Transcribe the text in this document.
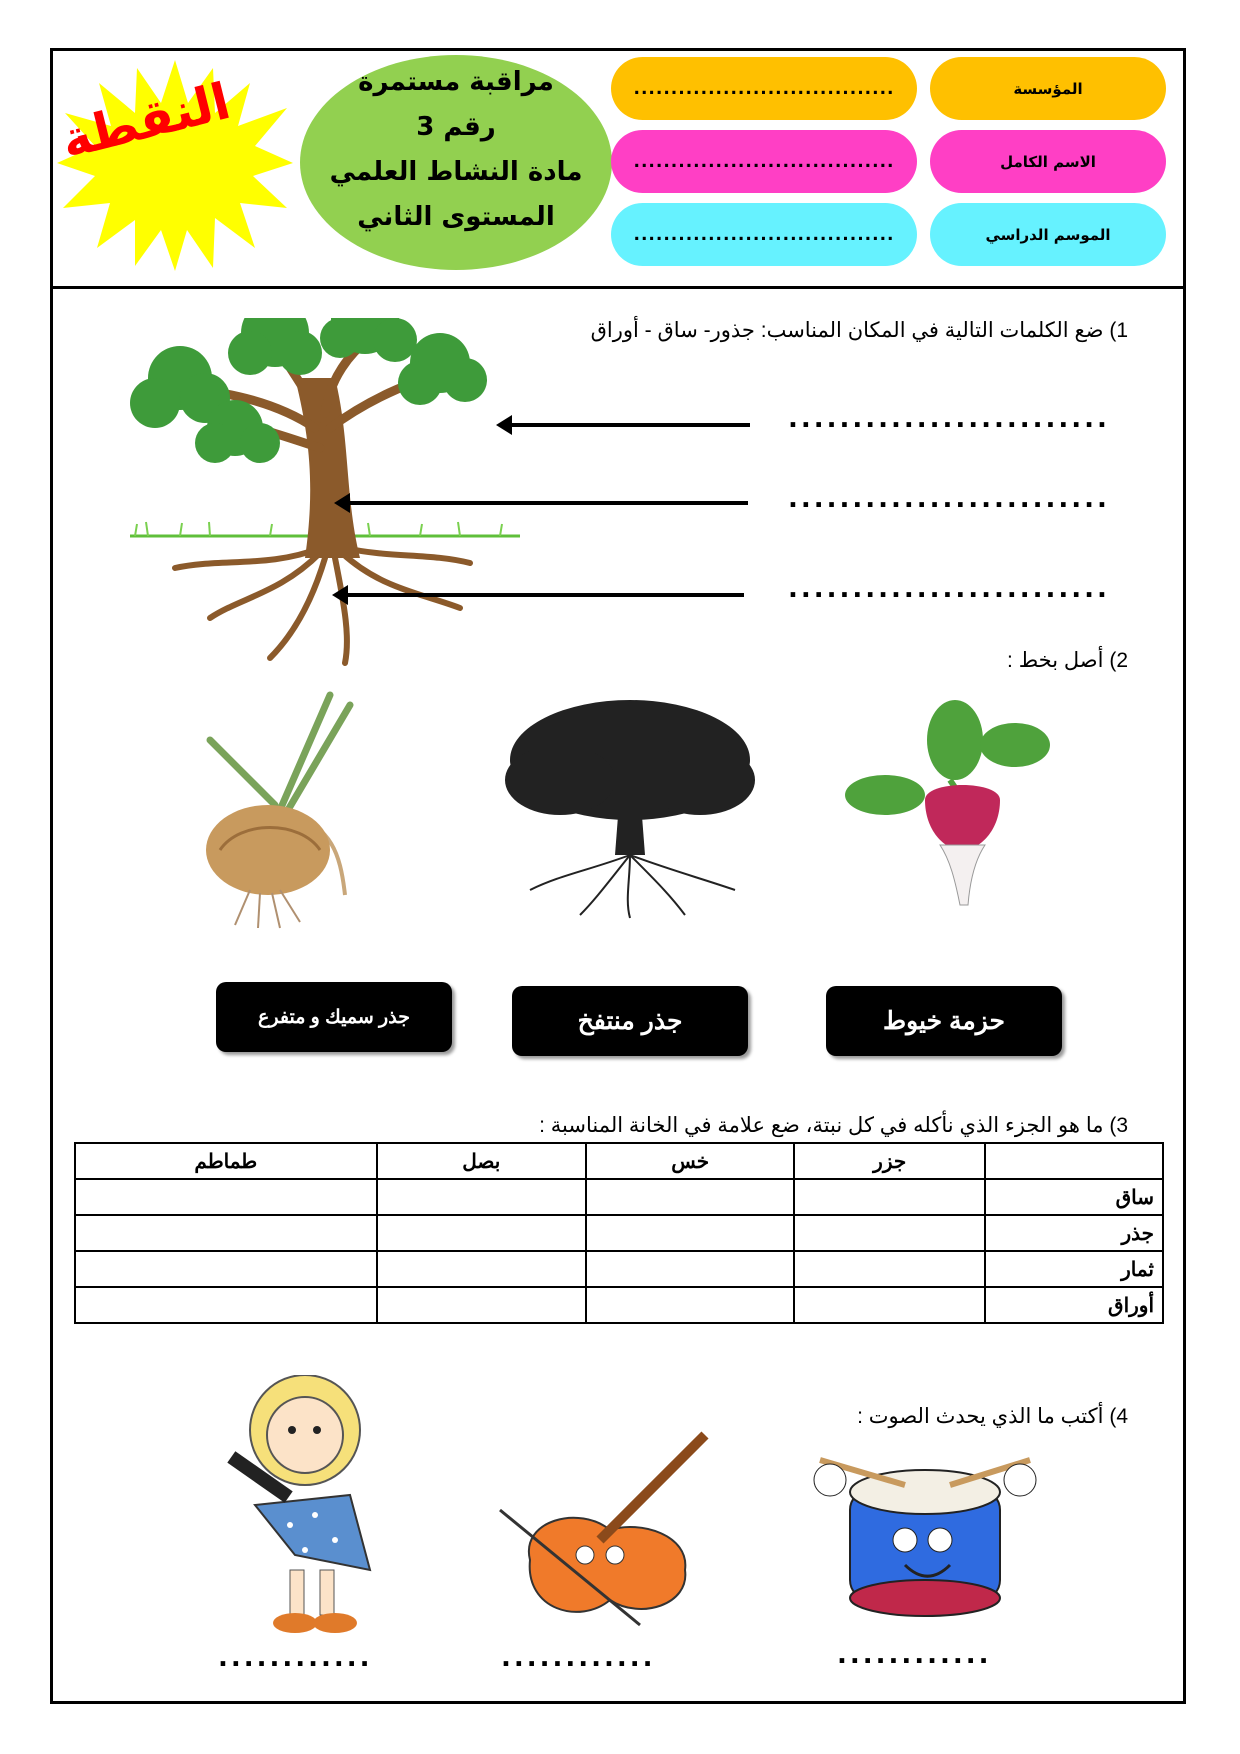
النقطة	مراقبة مستمرة
رقم 3
مادة النشاط العلمي
المستوى الثاني
المؤسسة
...................................
الاسم الكامل
...................................
الموسم الدراسي
...................................
1) ضع الكلمات التالية في المكان المناسب: جذور- ساق - أوراق
.........................
.........................
.........................
2) أصل بخط :
حزمة خيوط
جذر منتفخ
جذر سميك و متفرع
3) ما هو الجزء الذي نأكله في كل نبتة، ضع علامة في الخانة المناسبة :
	جزر	خس	بصل	طماطم
ساق				
جذر				
ثمار				
أوراق				
4) أكتب ما الذي يحدث الصوت :
............	............	............
